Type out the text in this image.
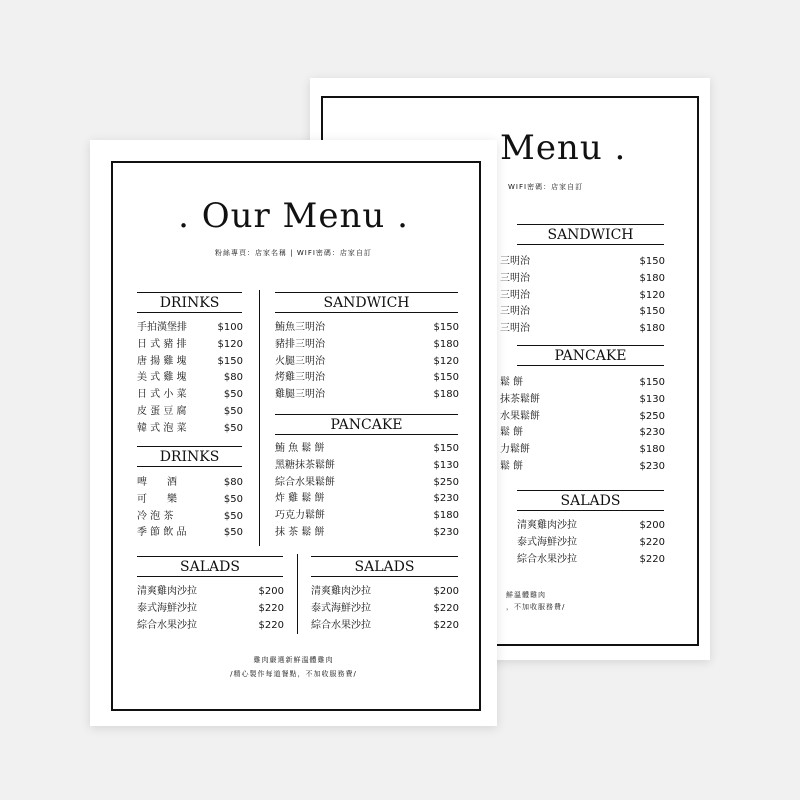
Menu .
WIFI密碼：店家自訂
SANDWICH
三明治	$150
三明治	$180
三明治	$120
三明治	$150
三明治	$180
PANCAKE
鬆 餅	$150
抹茶鬆餅	$130
水果鬆餅	$250
鬆 餅	$230
力鬆餅	$180
鬆 餅	$230
SALADS
清爽雞肉沙拉	$200
泰式海鮮沙拉	$220
綜合水果沙拉	$220
鮮溫體雞肉
，不加收服務費/
. Our Menu .
粉絲專頁：店家名稱 | WIFI密碼：店家自訂
DRINKS
手拍漢堡排	$100
日 式 豬 排	$120
唐 揚 雞 塊	$150
美 式 雞 塊	$80
日 式 小 菜	$50
皮 蛋 豆 腐	$50
韓 式 泡 菜	$50
DRINKS
啤　　酒	$80
可　　樂	$50
冷 泡 茶	$50
季 節 飲 品	$50
SANDWICH
鮪魚三明治	$150
豬排三明治	$180
火腿三明治	$120
烤雞三明治	$150
雞腿三明治	$180
PANCAKE
鮪 魚 鬆 餅	$150
黑糖抹茶鬆餅	$130
綜合水果鬆餅	$250
炸 雞 鬆 餅	$230
巧克力鬆餅	$180
抹 茶 鬆 餅	$230
SALADS
清爽雞肉沙拉	$200
泰式海鮮沙拉	$220
綜合水果沙拉	$220
SALADS
清爽雞肉沙拉	$200
泰式海鮮沙拉	$220
綜合水果沙拉	$220
雞肉嚴選新鮮溫體雞肉
/精心製作每道餐點，不加收服務費/
